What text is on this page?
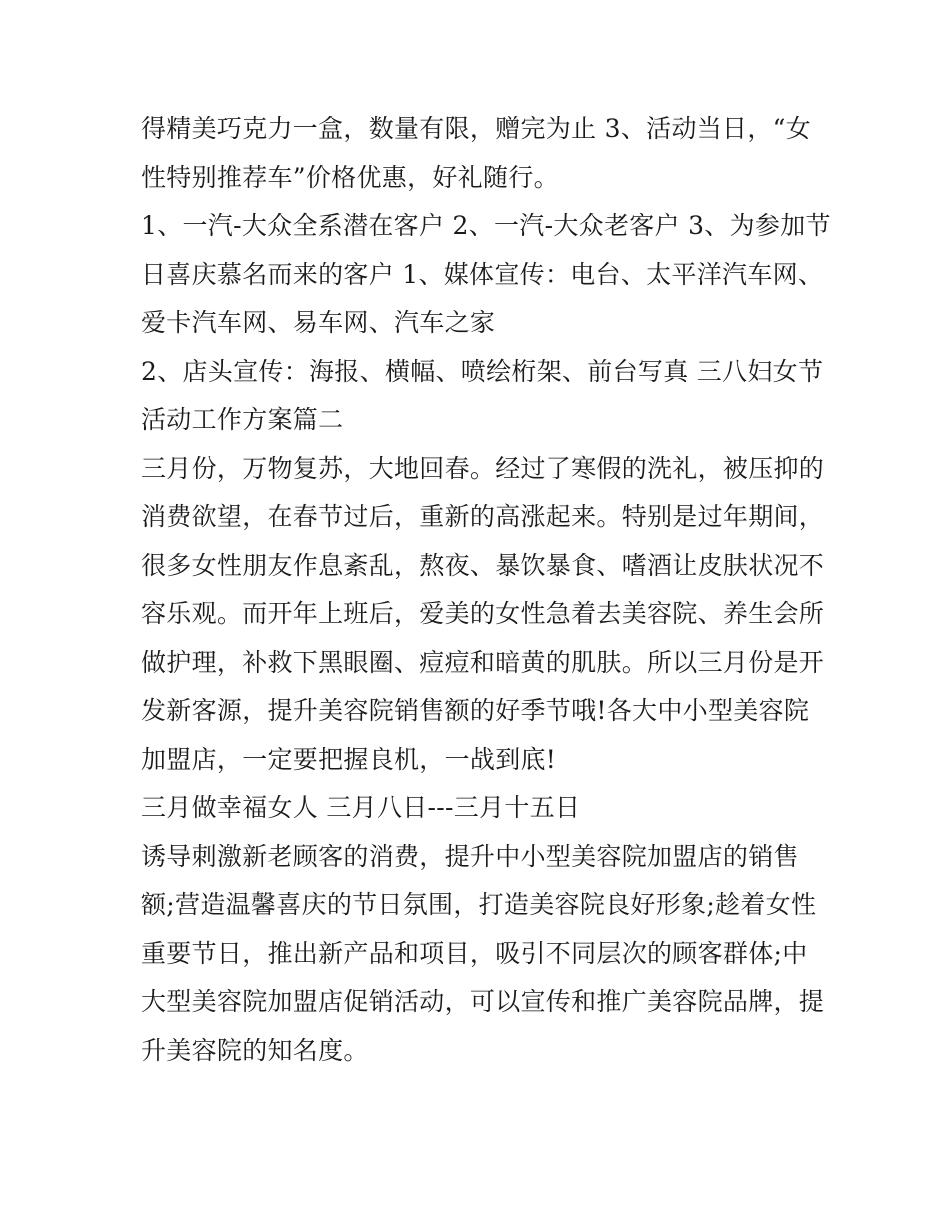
得精美巧克力一盒，数量有限，赠完为止 3、活动当日，“女
性特别推荐车”价格优惠，好礼随行。
1、一汽-大众全系潜在客户 2、一汽-大众老客户 3、为参加节
日喜庆慕名而来的客户 1、媒体宣传：电台、太平洋汽车网、
爱卡汽车网、易车网、汽车之家
2、店头宣传：海报、横幅、喷绘桁架、前台写真 三八妇女节
活动工作方案篇二
三月份，万物复苏，大地回春。经过了寒假的洗礼，被压抑的
消费欲望，在春节过后，重新的高涨起来。特别是过年期间，
很多女性朋友作息紊乱，熬夜、暴饮暴食、嗜酒让皮肤状况不
容乐观。而开年上班后，爱美的女性急着去美容院、养生会所
做护理，补救下黑眼圈、痘痘和暗黄的肌肤。所以三月份是开
发新客源，提升美容院销售额的好季节哦!各大中小型美容院
加盟店，一定要把握良机，一战到底!
三月做幸福女人 三月八日---三月十五日
诱导刺激新老顾客的消费，提升中小型美容院加盟店的销售
额;营造温馨喜庆的节日氛围，打造美容院良好形象;趁着女性
重要节日，推出新产品和项目，吸引不同层次的顾客群体;中
大型美容院加盟店促销活动，可以宣传和推广美容院品牌，提
升美容院的知名度。
